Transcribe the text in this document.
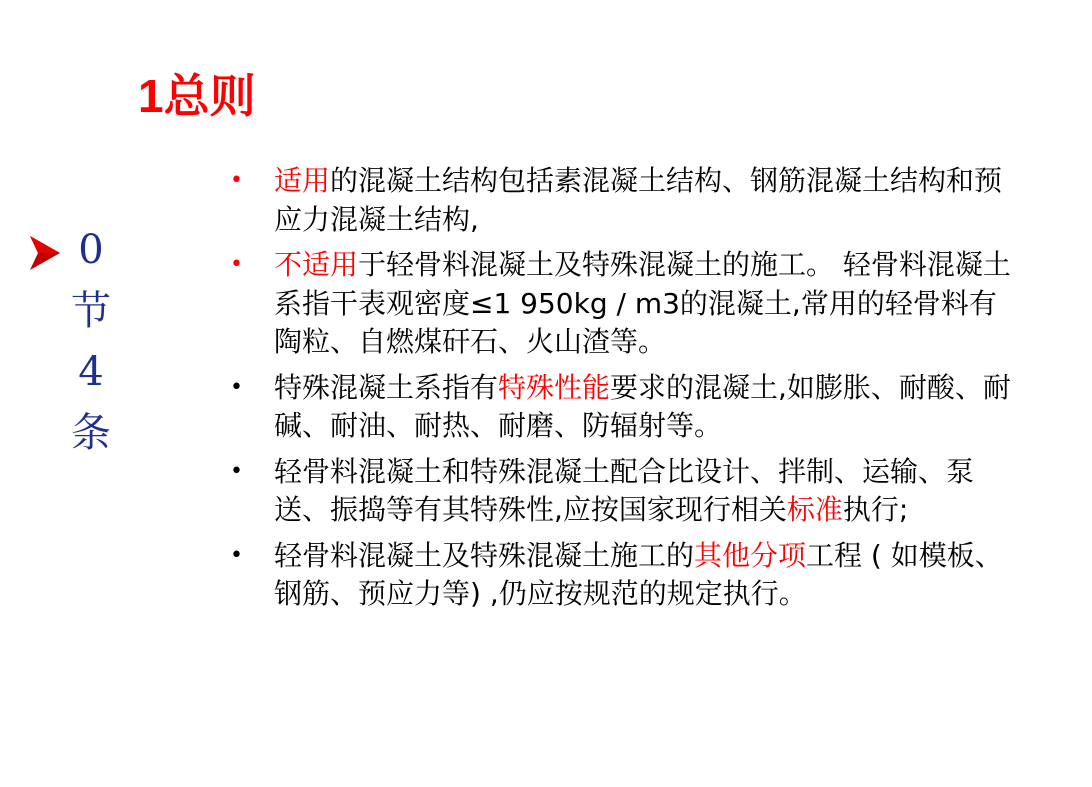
1总则
0
节
4
条
• 适用的混凝土结构包括素混凝土结构、钢筋混凝土结构和预应力混凝土结构,
• 不适用于轻骨料混凝土及特殊混凝土的施工。 轻骨料混凝土系指干表观密度≤1 950kg / m3的混凝土,常用的轻骨料有陶粒、自燃煤矸石、火山渣等。
• 特殊混凝土系指有特殊性能要求的混凝土,如膨胀、耐酸、耐碱、耐油、耐热、耐磨、防辐射等。
• 轻骨料混凝土和特殊混凝土配合比设计、拌制、运输、泵送、振捣等有其特殊性,应按国家现行相关标准执行;
• 轻骨料混凝土及特殊混凝土施工的其他分项工程 ( 如模板、钢筋、预应力等) ,仍应按规范的规定执行。
